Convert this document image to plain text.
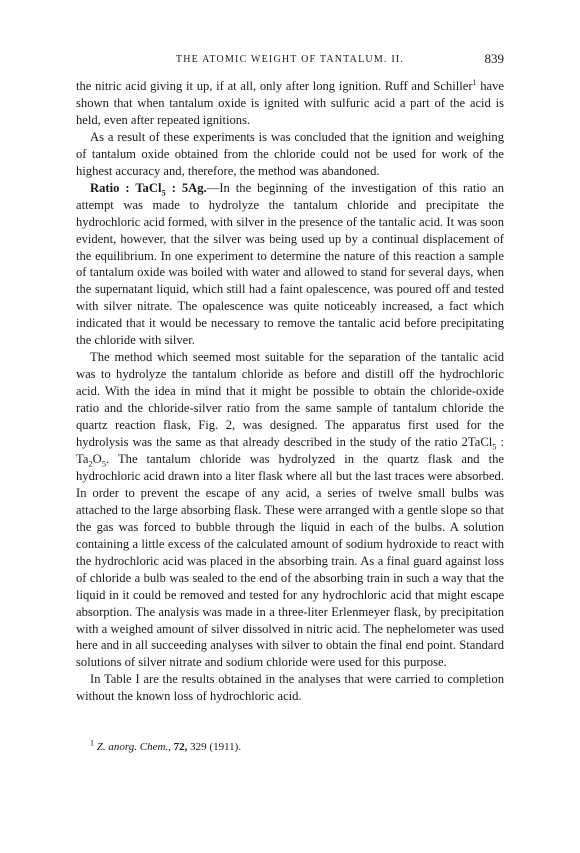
THE ATOMIC WEIGHT OF TANTALUM. II.	839

the nitric acid giving it up, if at all, only after long ignition. Ruff and Schiller$^1$ have shown that when tantalum oxide is ignited with sulfuric acid a part of the acid is held, even after repeated ignitions.

As a result of these experiments is was concluded that the ignition and weighing of tantalum oxide obtained from the chloride could not be used for work of the highest accuracy and, therefore, the method was abandoned.

Ratio : TaCl$_5$ : 5Ag.—In the beginning of the investigation of this ratio an attempt was made to hydrolyze the tantalum chloride and precipitate the hydrochloric acid formed, with silver in the presence of the tantalic acid. It was soon evident, however, that the silver was being used up by a continual displacement of the equilibrium. In one experiment to determine the nature of this reaction a sample of tantalum oxide was boiled with water and allowed to stand for several days, when the supernatant liquid, which still had a faint opalescence, was poured off and tested with silver nitrate. The opalescence was quite noticeably increased, a fact which indicated that it would be necessary to remove the tantalic acid before precipitating the chloride with silver.

The method which seemed most suitable for the separation of the tantalic acid was to hydrolyze the tantalum chloride as before and distill off the hydrochloric acid. With the idea in mind that it might be possible to obtain the chloride-oxide ratio and the chloride-silver ratio from the same sample of tantalum chloride the quartz reaction flask, Fig. 2, was designed. The apparatus first used for the hydrolysis was the same as that already described in the study of the ratio 2TaCl$_5$ : $Ta_2O_5$. The tantalum chloride was hydrolyzed in the quartz flask and the hydrochloric acid drawn into a liter flask where all but the last traces were absorbed. In order to prevent the escape of any acid, a series of twelve small bulbs was attached to the large absorbing flask. These were arranged with a gentle slope so that the gas was forced to bubble through the liquid in each of the bulbs. A solution containing a little excess of the calculated amount of sodium hydroxide to react with the hydrochloric acid was placed in the absorbing train. As a final guard against loss of chloride a bulb was sealed to the end of the absorbing train in such a way that the liquid in it could be removed and tested for any hydrochloric acid that might escape absorption. The analysis was made in a three-liter Erlenmeyer flask, by precipitation with a weighed amount of silver dissolved in nitric acid. The nephelometer was used here and in all succeeding analyses with silver to obtain the final end point. Standard solutions of silver nitrate and sodium chloride were used for this purpose.

In Table I are the results obtained in the analyses that were carried to completion without the known loss of hydrochloric acid.

$^1$ Z. anorg. Chem., 72, 329 (1911).
